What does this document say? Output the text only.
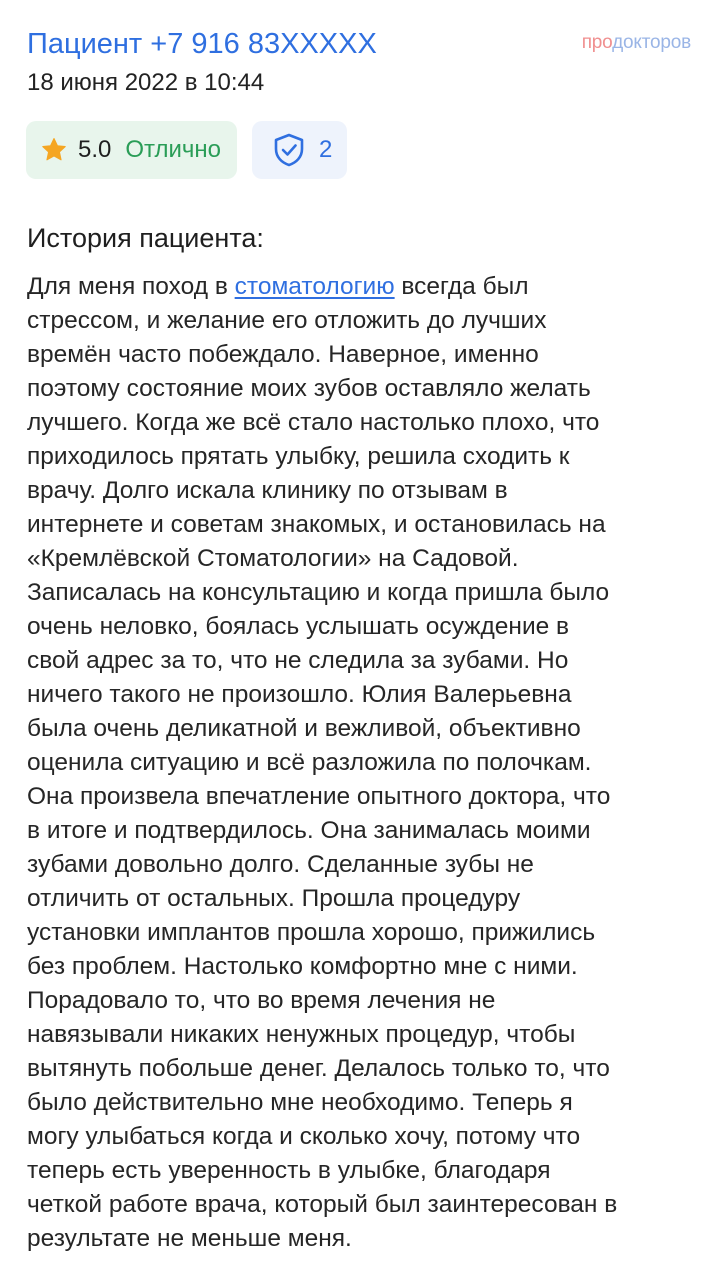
Пациент +7 916 83XXXXX	продокторов
18 июня 2022 в 10:44
5.0 Отлично	2
История пациента:

Для меня поход в стоматологию всегда был
стрессом, и желание его отложить до лучших
времён часто побеждало. Наверное, именно
поэтому состояние моих зубов оставляло желать
лучшего. Когда же всё стало настолько плохо, что
приходилось прятать улыбку, решила сходить к
врачу. Долго искала клинику по отзывам в
интернете и советам знакомых, и остановилась на
«Кремлёвской Стоматологии» на Садовой.
Записалась на консультацию и когда пришла было
очень неловко, боялась услышать осуждение в
свой адрес за то, что не следила за зубами. Но
ничего такого не произошло. Юлия Валерьевна
была очень деликатной и вежливой, объективно
оценила ситуацию и всё разложила по полочкам.
Она произвела впечатление опытного доктора, что
в итоге и подтвердилось. Она занималась моими
зубами довольно долго. Сделанные зубы не
отличить от остальных. Прошла процедуру
установки имплантов прошла хорошо, прижились
без проблем. Настолько комфортно мне с ними.
Порадовало то, что во время лечения не
навязывали никаких ненужных процедур, чтобы
вытянуть побольше денег. Делалось только то, что
было действительно мне необходимо. Теперь я
могу улыбаться когда и сколько хочу, потому что
теперь есть уверенность в улыбке, благодаря
четкой работе врача, который был заинтересован в
результате не меньше меня.
